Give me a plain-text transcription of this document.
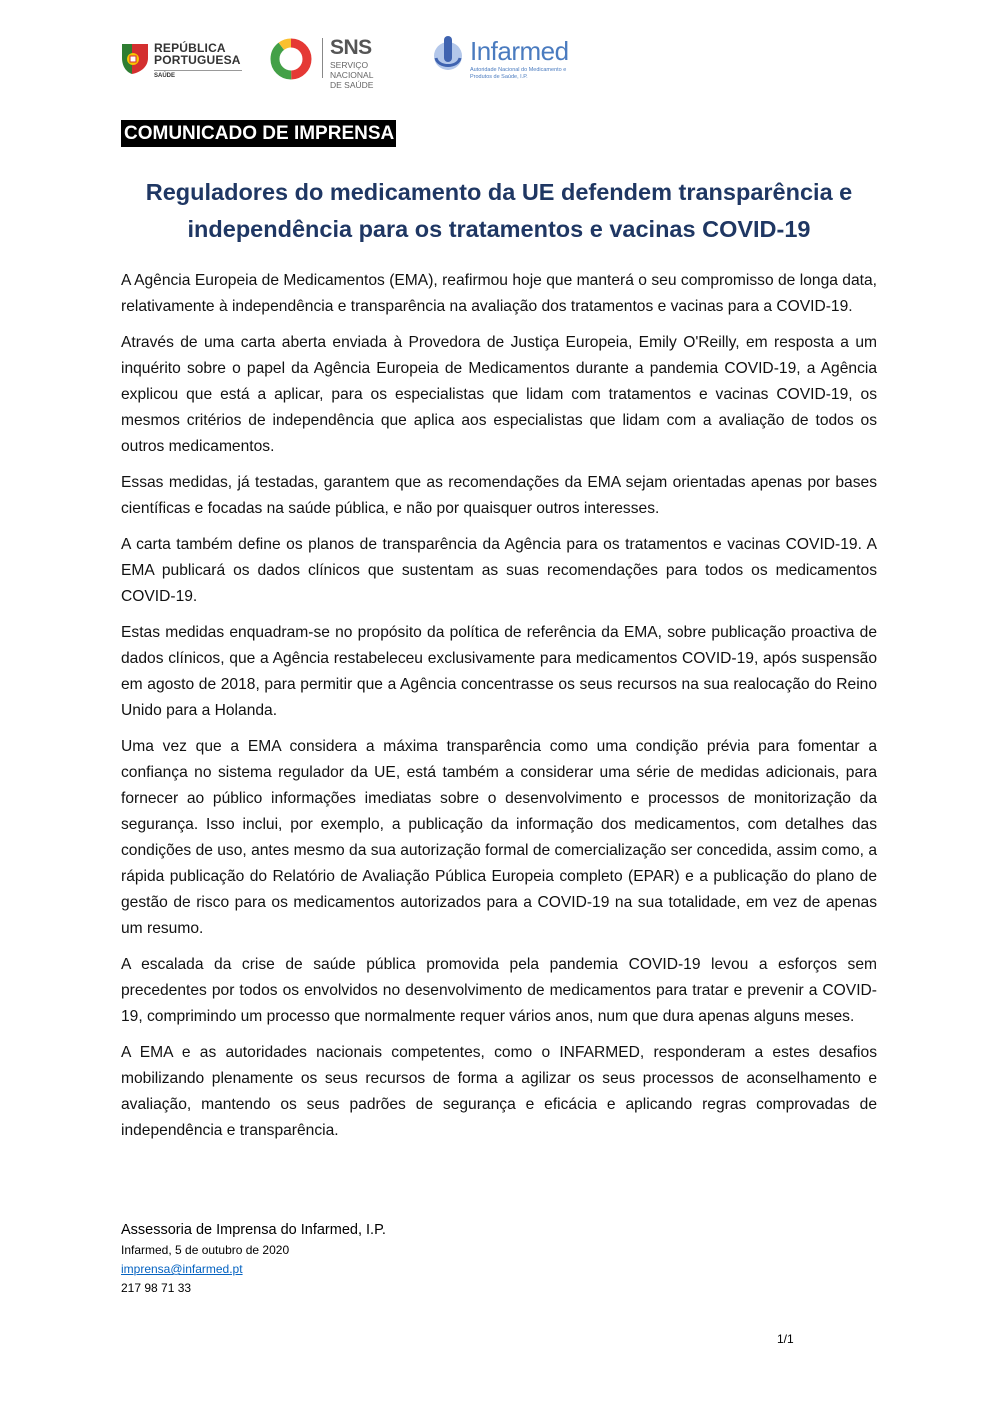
REPÚBLICA
PORTUGUESA
SAÚDE
SNS
SERVIÇO NACIONAL
DE SAÚDE
Infarmed
Autoridade Nacional do Medicamento e Produtos de Saúde, I.P.
COMUNICADO DE IMPRENSA
Reguladores do medicamento da UE defendem transparência e
independência para os tratamentos e vacinas COVID-19

A Agência Europeia de Medicamentos (EMA), reafirmou hoje que manterá o seu compromisso de longa data, relativamente à independência e transparência na avaliação dos tratamentos e vacinas para a COVID-19.

Através de uma carta aberta enviada à Provedora de Justiça Europeia, Emily O'Reilly, em resposta a um inquérito sobre o papel da Agência Europeia de Medicamentos durante a pandemia COVID-19, a Agência explicou que está a aplicar, para os especialistas que lidam com tratamentos e vacinas COVID-19, os mesmos critérios de independência que aplica aos especialistas que lidam com a avaliação de todos os outros medicamentos.

Essas medidas, já testadas, garantem que as recomendações da EMA sejam orientadas apenas por bases científicas e focadas na saúde pública, e não por quaisquer outros interesses.

A carta também define os planos de transparência da Agência para os tratamentos e vacinas COVID-19. A EMA publicará os dados clínicos que sustentam as suas recomendações para todos os medicamentos COVID-19.

Estas medidas enquadram-se no propósito da política de referência da EMA, sobre publicação proactiva de dados clínicos, que a Agência restabeleceu exclusivamente para medicamentos COVID-19, após suspensão em agosto de 2018, para permitir que a Agência concentrasse os seus recursos na sua realocação do Reino Unido para a Holanda.

Uma vez que a EMA considera a máxima transparência como uma condição prévia para fomentar a confiança no sistema regulador da UE, está também a considerar uma série de medidas adicionais, para fornecer ao público informações imediatas sobre o desenvolvimento e processos de monitorização da segurança. Isso inclui, por exemplo, a publicação da informação dos medicamentos, com detalhes das condições de uso, antes mesmo da sua autorização formal de comercialização ser concedida, assim como, a rápida publicação do Relatório de Avaliação Pública Europeia completo (EPAR) e a publicação do plano de gestão de risco para os medicamentos autorizados para a COVID-19 na sua totalidade, em vez de apenas um resumo.

A escalada da crise de saúde pública promovida pela pandemia COVID-19 levou a esforços sem precedentes por todos os envolvidos no desenvolvimento de medicamentos para tratar e prevenir a COVID-19, comprimindo um processo que normalmente requer vários anos, num que dura apenas alguns meses.

A EMA e as autoridades nacionais competentes, como o INFARMED, responderam a estes desafios mobilizando plenamente os seus recursos de forma a agilizar os seus processos de aconselhamento e avaliação, mantendo os seus padrões de segurança e eficácia e aplicando regras comprovadas de independência e transparência.

Assessoria de Imprensa do Infarmed, I.P.
Infarmed, 5 de outubro de 2020
imprensa@infarmed.pt
217 98 71 33
1/1
